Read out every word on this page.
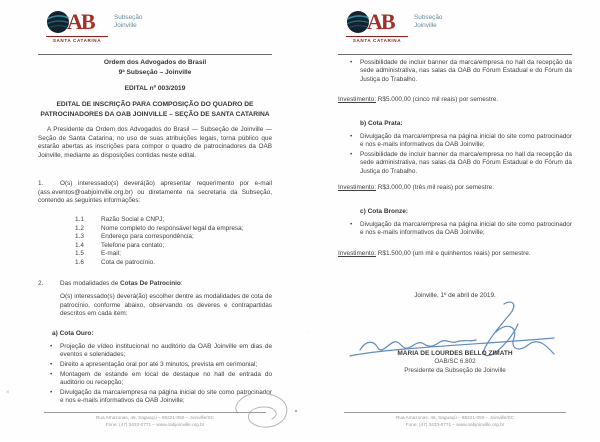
AB
SANTA CATARINA
Subseção
Joinville
Ordem dos Advogados do Brasil
9ª Subseção – Joinville
EDITAL nº 003/2019
EDITAL DE INSCRIÇÃO PARA COMPOSIÇÃO DO QUADRO DE PATROCINADORES DA OAB JOINVILLE – SEÇÃO DE SANTA CATARINA

A Presidente da Ordem dos Advogados do Brasil — Subseção de Joinville — Seção de Santa Catarina, no uso de suas atribuições legais, torna público que estarão abertas as inscrições para compor o quadro de patrocinadores da OAB Joinville, mediante as disposições contidas neste edital.

1.	O(s) interessado(s) deverá(ão) apresentar requerimento por e-mail (ass.eventos@oabjoinville.org.br) ou diretamente na secretaria da Subseção, contendo as seguintes informações:

1.1	Razão Social e CNPJ;
1.2	Nome completo do responsável legal da empresa;
1.3	Endereço para correspondência;
1.4	Telefone para contato;
1.5	E-mail;
1.6	Cota de patrocínio.

2.	Das modalidades de Cotas De Patrocínio:

O(s) interessado(s) deverá(ão) escolher dentre as modalidades de cota de patrocínio, conforme abaixo, observando os deveres e contrapartidas descritos em cada item:

a) Cota Ouro:
•	Projeção de vídeo institucional no auditório da OAB Joinville em dias de eventos e solenidades;
•	Direito a apresentação oral por até 3 minutos, prevista em cerimonial;
•	Montagem de estande em local de destaque no hall de entrada do auditório ou recepção;
•	Divulgação da marca/empresa na página inicial do site como patrocinador e nos e-mails informativos da OAB Joinville;
×
Rua Amazonas, 46, Saguaçú – 89221-050 – Joinville/SC
Fone: (47) 3433-0771 – www.oabjoinville.org.br
AB
SANTA CATARINA
Subseção
Joinville
•	Possibilidade de incluir banner da marca/empresa no hall da recepção da sede administrativa, nas salas da OAB do Fórum Estadual e do Fórum da Justiça do Trabalho.
Investimento: R$5.000,00 (cinco mil reais) por semestre.
b) Cota Prata:
•	Divulgação da marca/empresa na página inicial do site como patrocinador e nos e-mails informativos da OAB Joinville;
•	Possibilidade de incluir banner da marca/empresa no hall da recepção da sede administrativa, nas salas da OAB do Fórum Estadual e do Fórum da Justiça do Trabalho.
Investimento: R$3.000,00 (três mil reais) por semestre.
c) Cota Bronze:
•	Divulgação da marca/empresa na página inicial do site como patrocinador e nos e-mails informativos da OAB Joinville;
Investimento: R$1.500,00 (um mil e quinhentos reais) por semestre.
Joinville, 1º de abril de 2019.
MARIA DE LOURDES BELLO ZIMATH
OAB/SC 6.802
Presidente da Subseção de Joinville
·
Rua Amazonas, 46, Saguaçú – 89221-050 – Joinville/SC
Fone: (47) 3433-0771 – www.oabjoinville.org.br
